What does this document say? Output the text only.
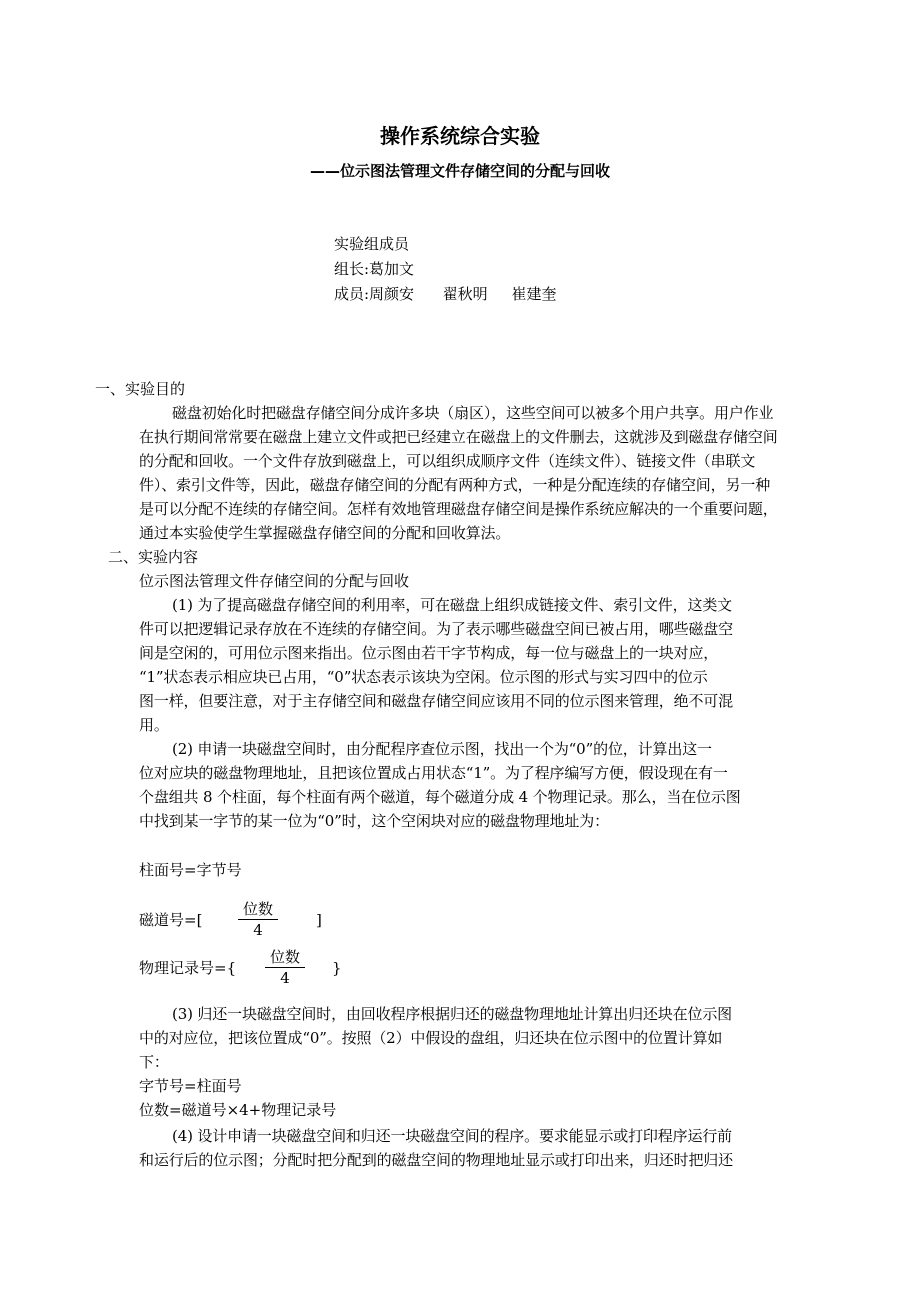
操作系统综合实验
——位示图法管理文件存储空间的分配与回收
实验组成员
组长:葛加文
成员:周颜安      翟秋明     崔建奎
一、实验目的
磁盘初始化时把磁盘存储空间分成许多块（扇区），这些空间可以被多个用户共享。用户作业
在执行期间常常要在磁盘上建立文件或把已经建立在磁盘上的文件删去，这就涉及到磁盘存储空间
的分配和回收。一个文件存放到磁盘上，可以组织成顺序文件（连续文件）、链接文件（串联文
件）、索引文件等，因此，磁盘存储空间的分配有两种方式，一种是分配连续的存储空间，另一种
是可以分配不连续的存储空间。怎样有效地管理磁盘存储空间是操作系统应解决的一个重要问题，
通过本实验使学生掌握磁盘存储空间的分配和回收算法。
二、实验内容
位示图法管理文件存储空间的分配与回收
(1) 为了提高磁盘存储空间的利用率，可在磁盘上组织成链接文件、索引文件，这类文
件可以把逻辑记录存放在不连续的存储空间。为了表示哪些磁盘空间已被占用，哪些磁盘空
间是空闲的，可用位示图来指出。位示图由若干字节构成，每一位与磁盘上的一块对应，
“1”状态表示相应块已占用，“0”状态表示该块为空闲。位示图的形式与实习四中的位示
图一样，但要注意，对于主存储空间和磁盘存储空间应该用不同的位示图来管理，绝不可混
用。
(2) 申请一块磁盘空间时，由分配程序查位示图，找出一个为“0”的位，计算出这一
位对应块的磁盘物理地址，且把该位置成占用状态“1”。为了程序编写方便，假设现在有一
个盘组共 8 个柱面，每个柱面有两个磁道，每个磁道分成 4 个物理记录。那么，当在位示图
中找到某一字节的某一位为“0”时，这个空闲块对应的磁盘物理地址为：
柱面号=字节号
磁道号=[
位数
4
]
物理记录号={
位数
4
}
(3) 归还一块磁盘空间时，由回收程序根据归还的磁盘物理地址计算出归还块在位示图
中的对应位，把该位置成“0”。按照（2）中假设的盘组，归还块在位示图中的位置计算如
下：
字节号=柱面号
位数=磁道号×4+物理记录号
(4) 设计申请一块磁盘空间和归还一块磁盘空间的程序。要求能显示或打印程序运行前
和运行后的位示图；分配时把分配到的磁盘空间的物理地址显示或打印出来，归还时把归还
